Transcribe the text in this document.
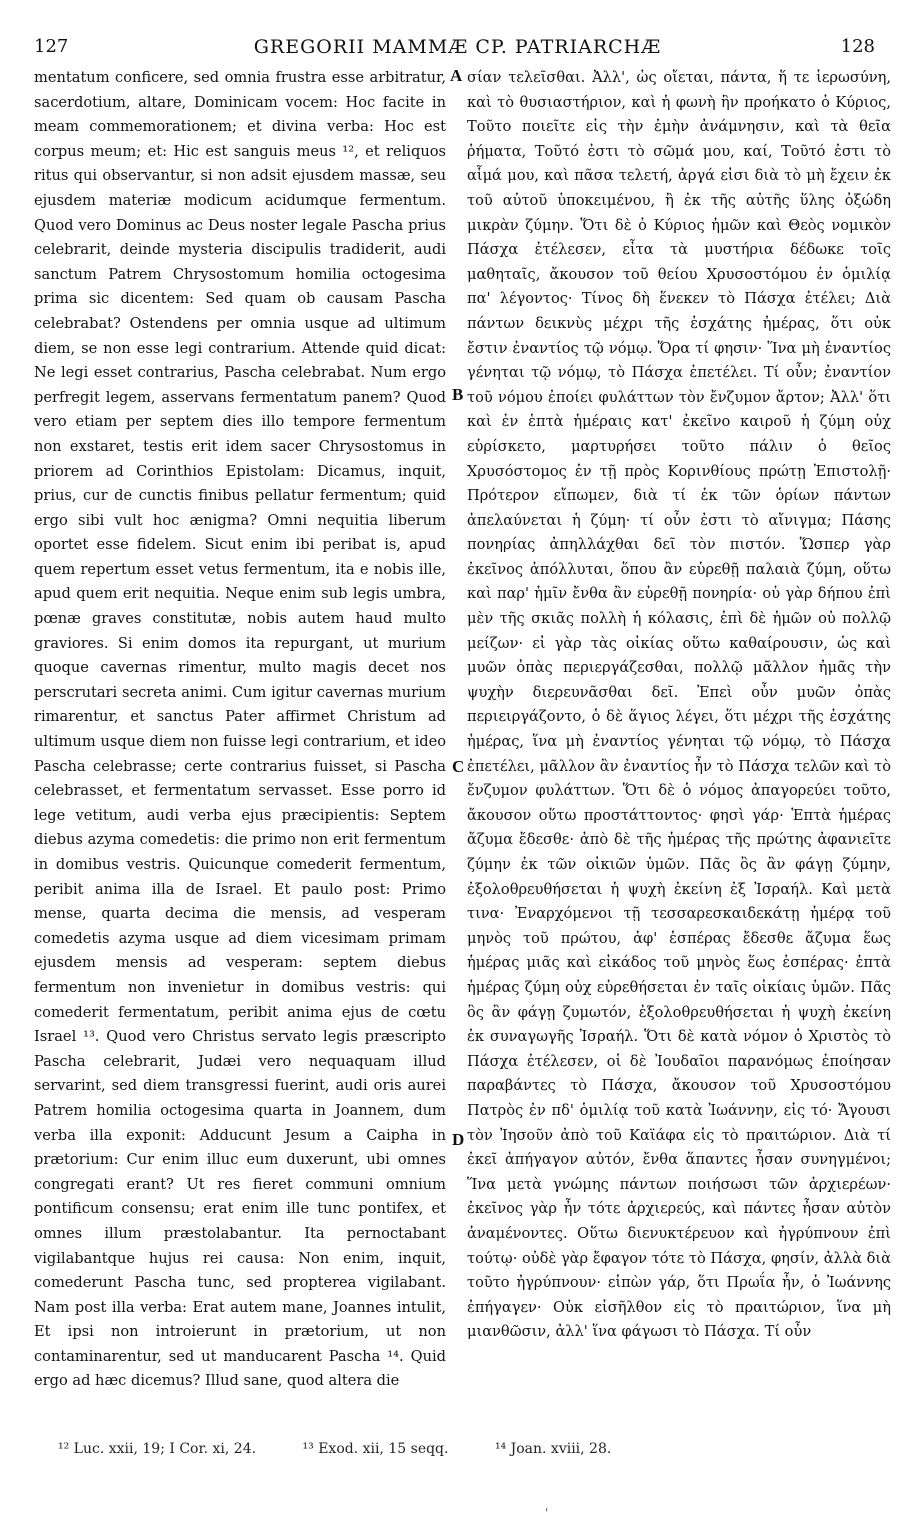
127	GREGORII MAMMÆ CP. PATRIARCHÆ	128

mentatum conficere, sed omnia frustra esse arbitratur, sacerdotium, altare, Dominicam vocem: Hoc facite in meam commemorationem; et divina verba: Hoc est corpus meum; et: Hic est sanguis meus ¹², et reliquos ritus qui observantur, si non adsit ejusdem massæ, seu ejusdem materiæ modicum acidumque fermentum. Quod vero Dominus ac Deus noster legale Pascha prius celebrarit, deinde mysteria discipulis tradiderit, audi sanctum Patrem Chrysostomum homilia octogesima prima sic dicentem: Sed quam ob causam Pascha celebrabat? Ostendens per omnia usque ad ultimum diem, se non esse legi contrarium. Attende quid dicat: Ne legi esset contrarius, Pascha celebrabat. Num ergo perfregit legem, asservans fermentatum panem? Quod vero etiam per septem dies illo tempore fermentum non exstaret, testis erit idem sacer Chrysostomus in priorem ad Corinthios Epistolam: Dicamus, inquit, prius, cur de cunctis finibus pellatur fermentum; quid ergo sibi vult hoc ænigma? Omni nequitia liberum oportet esse fidelem. Sicut enim ibi peribat is, apud quem repertum esset vetus fermentum, ita e nobis ille, apud quem erit nequitia. Neque enim sub legis umbra, pœnæ graves constitutæ, nobis autem haud multo graviores. Si enim domos ita repurgant, ut murium quoque cavernas rimentur, multo magis decet nos perscrutari secreta animi. Cum igitur cavernas murium rimarentur, et sanctus Pater affirmet Christum ad ultimum usque diem non fuisse legi contrarium, et ideo Pascha celebrasse; certe contrarius fuisset, si Pascha celebrasset, et fermentatum servasset. Esse porro id lege vetitum, audi verba ejus præcipientis: Septem diebus azyma comedetis: die primo non erit fermentum in domibus vestris. Quicunque comederit fermentum, peribit anima illa de Israel. Et paulo post: Primo mense, quarta decima die mensis, ad vesperam comedetis azyma usque ad diem vicesimam primam ejusdem mensis ad vesperam: septem diebus fermentum non invenietur in domibus vestris: qui comederit fermentatum, peribit anima ejus de cœtu Israel ¹³. Quod vero Christus servato legis præscripto Pascha celebrarit, Judæi vero nequaquam illud servarint, sed diem transgressi fuerint, audi oris aurei Patrem homilia octogesima quarta in Joannem, dum verba illa exponit: Adducunt Jesum a Caipha in prætorium: Cur enim illuc eum duxerunt, ubi omnes congregati erant? Ut res fieret communi omnium pontificum consensu; erat enim ille tunc pontifex, et omnes illum præstolabantur. Ita pernoctabant vigilabantque hujus rei causa: Non enim, inquit, comederunt Pascha tunc, sed propterea vigilabant. Nam post illa verba: Erat autem mane, Joannes intulit, Et ipsi non introierunt in prætorium, ut non contaminarentur, sed ut manducarent Pascha ¹⁴. Quid ergo ad hæc dicemus? Illud sane, quod altera die

A
B
C
D

σίαν τελεῖσθαι. Ἀλλ', ὡς οἴεται, πάντα, ἥ τε ἱερωσύνη, καὶ τὸ θυσιαστήριον, καὶ ἡ φωνὴ ἣν προήκατο ὁ Κύριος, Τοῦτο ποιεῖτε εἰς τὴν ἐμὴν ἀνάμνησιν, καὶ τὰ θεῖα ῥήματα, Τοῦτό ἐστι τὸ σῶμά μου, καί, Τοῦτό ἐστι τὸ αἷμά μου, καὶ πᾶσα τελετή, ἀργά εἰσι διὰ τὸ μὴ ἔχειν ἐκ τοῦ αὐτοῦ ὑποκειμένου, ἢ ἐκ τῆς αὐτῆς ὕλης ὀξώδη μικρὰν ζύμην. Ὅτι δὲ ὁ Κύριος ἡμῶν καὶ Θεὸς νομικὸν Πάσχα ἐτέλεσεν, εἶτα τὰ μυστήρια δέδωκε τοῖς μαθηταῖς, ἄκουσον τοῦ θείου Χρυσοστόμου ἐν ὁμιλίᾳ πα' λέγοντος· Τίνος δὴ ἕνεκεν τὸ Πάσχα ἐτέλει; Διὰ πάντων δεικνὺς μέχρι τῆς ἐσχάτης ἡμέρας, ὅτι οὐκ ἔστιν ἐναντίος τῷ νόμῳ. Ὅρα τί φησιν· Ἵνα μὴ ἐναντίος γένηται τῷ νόμῳ, τὸ Πάσχα ἐπετέλει. Τί οὖν; ἐναντίον τοῦ νόμου ἐποίει φυλάττων τὸν ἔνζυμον ἄρτον; Ἀλλ' ὅτι καὶ ἐν ἑπτὰ ἡμέραις κατ' ἐκεῖνο καιροῦ ἡ ζύμη οὐχ εὑρίσκετο, μαρτυρήσει τοῦτο πάλιν ὁ θεῖος Χρυσόστομος ἐν τῇ πρὸς Κορινθίους πρώτῃ Ἐπιστολῇ· Πρότερον εἴπωμεν, διὰ τί ἐκ τῶν ὁρίων πάντων ἀπελαύνεται ἡ ζύμη· τί οὖν ἐστι τὸ αἴνιγμα; Πάσης πονηρίας ἀπηλλάχθαι δεῖ τὸν πιστόν. Ὥσπερ γὰρ ἐκεῖνος ἀπόλλυται, ὅπου ἂν εὑρεθῇ παλαιὰ ζύμη, οὕτω καὶ παρ' ἡμῖν ἔνθα ἂν εὑρεθῇ πονηρία· οὐ γὰρ δήπου ἐπὶ μὲν τῆς σκιᾶς πολλὴ ἡ κόλασις, ἐπὶ δὲ ἡμῶν οὐ πολλῷ μείζων· εἰ γὰρ τὰς οἰκίας οὕτω καθαίρουσιν, ὡς καὶ μυῶν ὀπὰς περιεργάζεσθαι, πολλῷ μᾶλλον ἡμᾶς τὴν ψυχὴν διερευνᾶσθαι δεῖ. Ἐπεὶ οὖν μυῶν ὀπὰς περιειργάζοντο, ὁ δὲ ἅγιος λέγει, ὅτι μέχρι τῆς ἐσχάτης ἡμέρας, ἵνα μὴ ἐναντίος γένηται τῷ νόμῳ, τὸ Πάσχα ἐπετέλει, μᾶλλον ἂν ἐναντίος ἦν τὸ Πάσχα τελῶν καὶ τὸ ἔνζυμον φυλάττων. Ὅτι δὲ ὁ νόμος ἀπαγορεύει τοῦτο, ἄκουσον οὕτω προστάττοντος· φησὶ γάρ· Ἑπτὰ ἡμέρας ἄζυμα ἔδεσθε· ἀπὸ δὲ τῆς ἡμέρας τῆς πρώτης ἀφανιεῖτε ζύμην ἐκ τῶν οἰκιῶν ὑμῶν. Πᾶς ὃς ἂν φάγῃ ζύμην, ἐξολοθρευθήσεται ἡ ψυχὴ ἐκείνη ἐξ Ἰσραήλ. Καὶ μετὰ τινα· Ἐναρχόμενοι τῇ τεσσαρεσκαιδεκάτῃ ἡμέρᾳ τοῦ μηνὸς τοῦ πρώτου, ἀφ' ἑσπέρας ἔδεσθε ἄζυμα ἕως ἡμέρας μιᾶς καὶ εἰκάδος τοῦ μηνὸς ἕως ἑσπέρας· ἑπτὰ ἡμέρας ζύμη οὐχ εὑρεθήσεται ἐν ταῖς οἰκίαις ὑμῶν. Πᾶς ὃς ἂν φάγῃ ζυμωτόν, ἐξολοθρευθήσεται ἡ ψυχὴ ἐκείνη ἐκ συναγωγῆς Ἰσραήλ. Ὅτι δὲ κατὰ νόμον ὁ Χριστὸς τὸ Πάσχα ἐτέλεσεν, οἱ δὲ Ἰουδαῖοι παρανόμως ἐποίησαν παραβάντες τὸ Πάσχα, ἄκουσον τοῦ Χρυσοστόμου Πατρὸς ἐν πδ' ὁμιλίᾳ τοῦ κατὰ Ἰωάννην, εἰς τό· Ἄγουσι τὸν Ἰησοῦν ἀπὸ τοῦ Καϊάφα εἰς τὸ πραιτώριον. Διὰ τί ἐκεῖ ἀπήγαγον αὐτόν, ἔνθα ἅπαντες ἦσαν συνηγμένοι; Ἵνα μετὰ γνώμης πάντων ποιήσωσι τῶν ἀρχιερέων· ἐκεῖνος γὰρ ἦν τότε ἀρχιερεύς, καὶ πάντες ἦσαν αὐτὸν ἀναμένοντες. Οὕτω διενυκτέρευον καὶ ἠγρύπνουν ἐπὶ τούτῳ· οὐδὲ γὰρ ἔφαγον τότε τὸ Πάσχα, φησίν, ἀλλὰ διὰ τοῦτο ἠγρύπνουν· εἰπὼν γάρ, ὅτι Πρωΐα ἦν, ὁ Ἰωάννης ἐπήγαγεν· Οὐκ εἰσῆλθον εἰς τὸ πραιτώριον, ἵνα μὴ μιανθῶσιν, ἀλλ' ἵνα φάγωσι τὸ Πάσχα. Τί οὖν

¹² Luc. xxii, 19; I Cor. xi, 24.	¹³ Exod. xii, 15 seqq.	¹⁴ Joan. xviii, 28.
'
